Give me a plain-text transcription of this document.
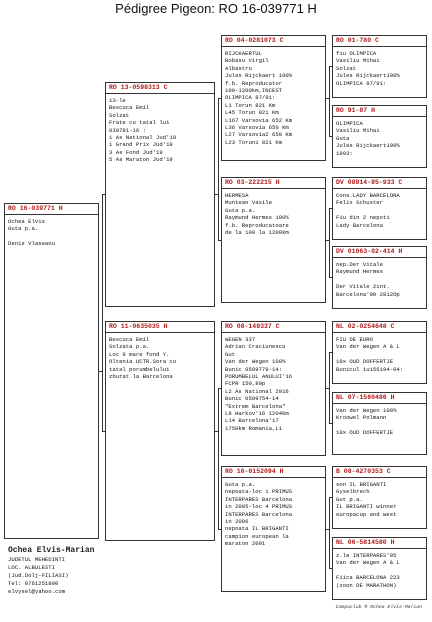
Pédigree Pigeon: RO 16-039771 H
RO 16-039771 H
Ochea Elvis
Guta p.a.
Denis Vlaseanu
RO 13-0598313 C
13-le
Bescuca Emil
Solzat
Frate cu tatal lui
039781-16 :
1 As National Jud'19
1 Grand Prix Jud'19
3 As Fond Jud'19
5 As Maraton Jud'19
RO 11-0635035 H
Bescuca Emil
Solzata p.a.
Loc 9 mare fond Y.
Oltenia UCTR.Sora cu
tatal porumbelului
zburat la Barcelona
RO 04-0281073 C
RIJCKAERTUL
Bobasu Virgil
Albastru
Jules Rijckaert 100%
f.b. Reproducator
100-1200km,INCEST
OLIMPICA 87/91:
L1 Torun 821 Km
L45 Torun 821 Km
L167 Varsovia 652 Km
L36 Varsovia 650 Km
L27 Varsovia2 650 Km
L23 Torun1 821 Km
RO 03-222215 H
HERMESA
Muntean Vasile
Guta p.a.
Raymund Hermes 100%
f.b. Reproducatoare
de la 100 la 1200km
RO 08-149337 C
WEGEN 337
Adrian Craciunescu
Gut
Van der Wegen 100%
Bunic 0509779-14:
PORUMBELUL ANULUI'16
FCPR 150,89p
L2 As National 2016
Bunic 0509754-14
"Extrem Barcelona"
L8 Harkov'16 1204km
L14 Barcelona'17
1750km Romania,L1
RO 10-0152094 H
Guta p.a.
nepoata-loc 1 PRIMUS
INTERPARES Barcelona
in 2005-loc 4 PRIMUS
INTERPARES Barcelona
in 2006
nepoata IL BRIGANTI
campion european la
maraton 2001
RO 01-780 C
fiu OLIMPICA
Vasiliu Mihai
Solzat
Jules Rijckaert100%
OLIMPICA 87/91:
RO 91-87 H
OLIMPICA
Vasiliu Mihai
Guta
Jules Rijckaert100%
1993:
DV 08914-95-933 C
Cons.LADY BARCELONA
Felix Schuster
Fiu din 2 nepoti
Lady Barcelona
DV 01063-02-414 H
nep.Der Vitale
Raymund Hermes
Der Vitale 2int.
Barcelona'90 2812Op
NL 02-0254648 C
FIU DE EURO
Van der Wegen A & L
19x OUD DOFFERTJE
Bunicul 1ui56194-04:
NL 07-1560486 H
Van der Wegen 100%
Kroowel Polmann
10x OUD DOFFERTJE
B 08-4270353 C
son IL BRIGANTI
Gyselbrech
Gut p.a.
IL BRIGANTI winner
europacup and west
NL 06-5814580 H
z.le INTERPARES'05
Van der Wegen A & L
Fiica BARCELONA 223
(zoon DE MARATHON)
Ochea Elvis-Marian
JUDETUL MEHEDINTI
LOC. ALBULESTI
(Jud.Dolj-FILIASI)
Tel: 0761251890
elvysel@yahoo.com
Compuclub ® Ochea Elvis-Marian
